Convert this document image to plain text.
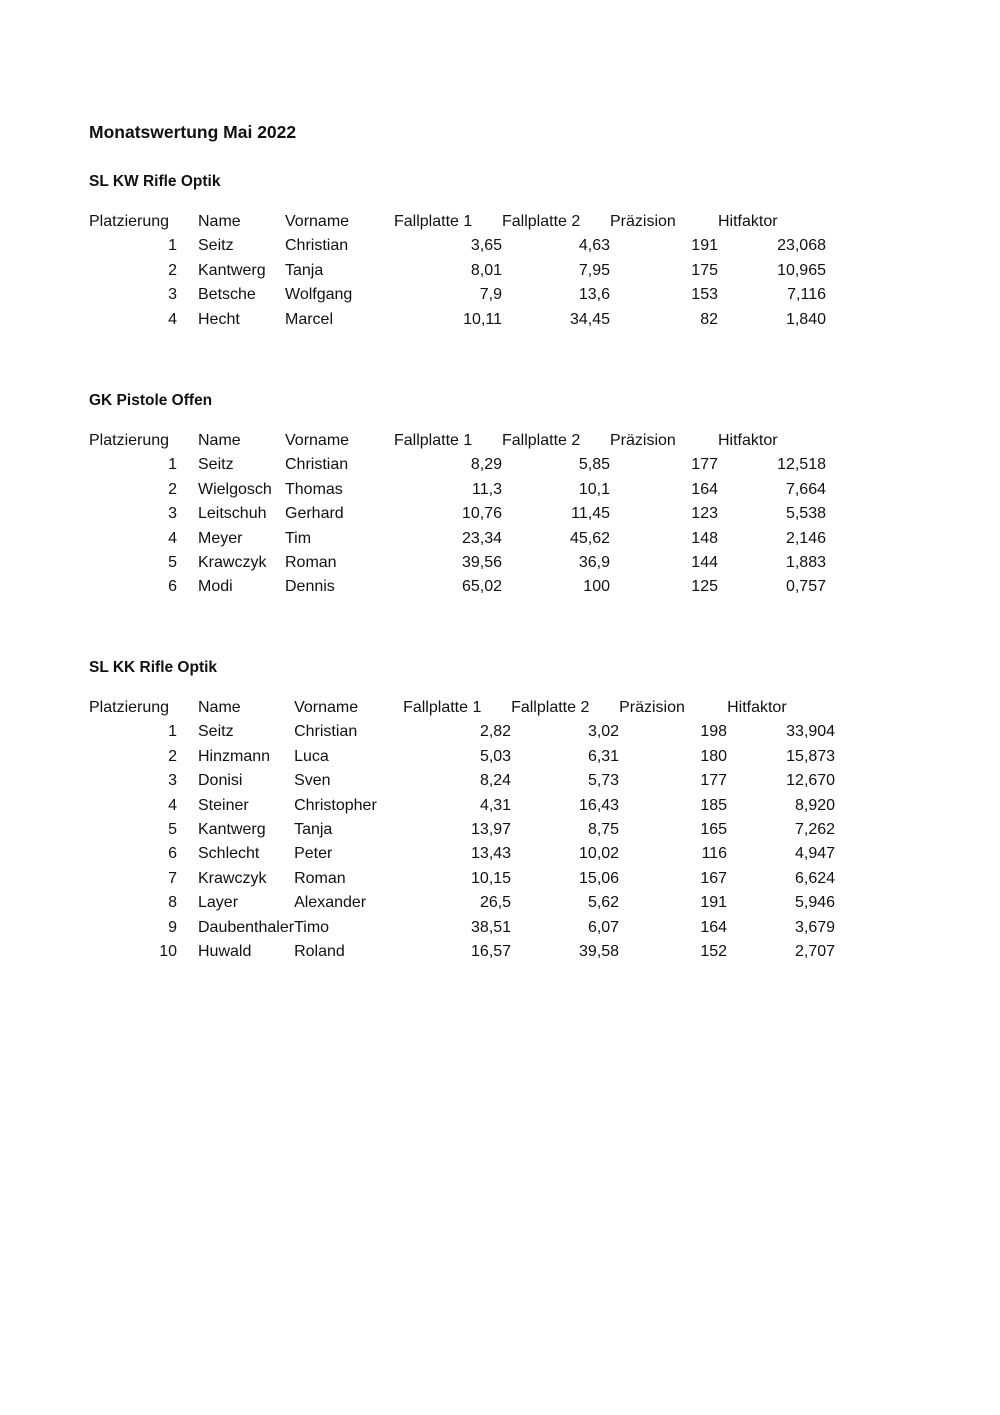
Monatswertung Mai 2022
SL KW Rifle Optik
Platzierung	Name	Vorname	Fallplatte 1	Fallplatte 2	Präzision	Hitfaktor
1	Seitz	Christian	3,65	4,63	191	23,068
2	Kantwerg	Tanja	8,01	7,95	175	10,965
3	Betsche	Wolfgang	7,9	13,6	153	7,116
4	Hecht	Marcel	10,11	34,45	82	1,840
GK Pistole Offen
Platzierung	Name	Vorname	Fallplatte 1	Fallplatte 2	Präzision	Hitfaktor
1	Seitz	Christian	8,29	5,85	177	12,518
2	Wielgosch	Thomas	11,3	10,1	164	7,664
3	Leitschuh	Gerhard	10,76	11,45	123	5,538
4	Meyer	Tim	23,34	45,62	148	2,146
5	Krawczyk	Roman	39,56	36,9	144	1,883
6	Modi	Dennis	65,02	100	125	0,757
SL KK Rifle Optik
Platzierung	Name	Vorname	Fallplatte 1	Fallplatte 2	Präzision	Hitfaktor
1	Seitz	Christian	2,82	3,02	198	33,904
2	Hinzmann	Luca	5,03	6,31	180	15,873
3	Donisi	Sven	8,24	5,73	177	12,670
4	Steiner	Christopher	4,31	16,43	185	8,920
5	Kantwerg	Tanja	13,97	8,75	165	7,262
6	Schlecht	Peter	13,43	10,02	116	4,947
7	Krawczyk	Roman	10,15	15,06	167	6,624
8	Layer	Alexander	26,5	5,62	191	5,946
9	Daubenthaler	Timo	38,51	6,07	164	3,679
10	Huwald	Roland	16,57	39,58	152	2,707
